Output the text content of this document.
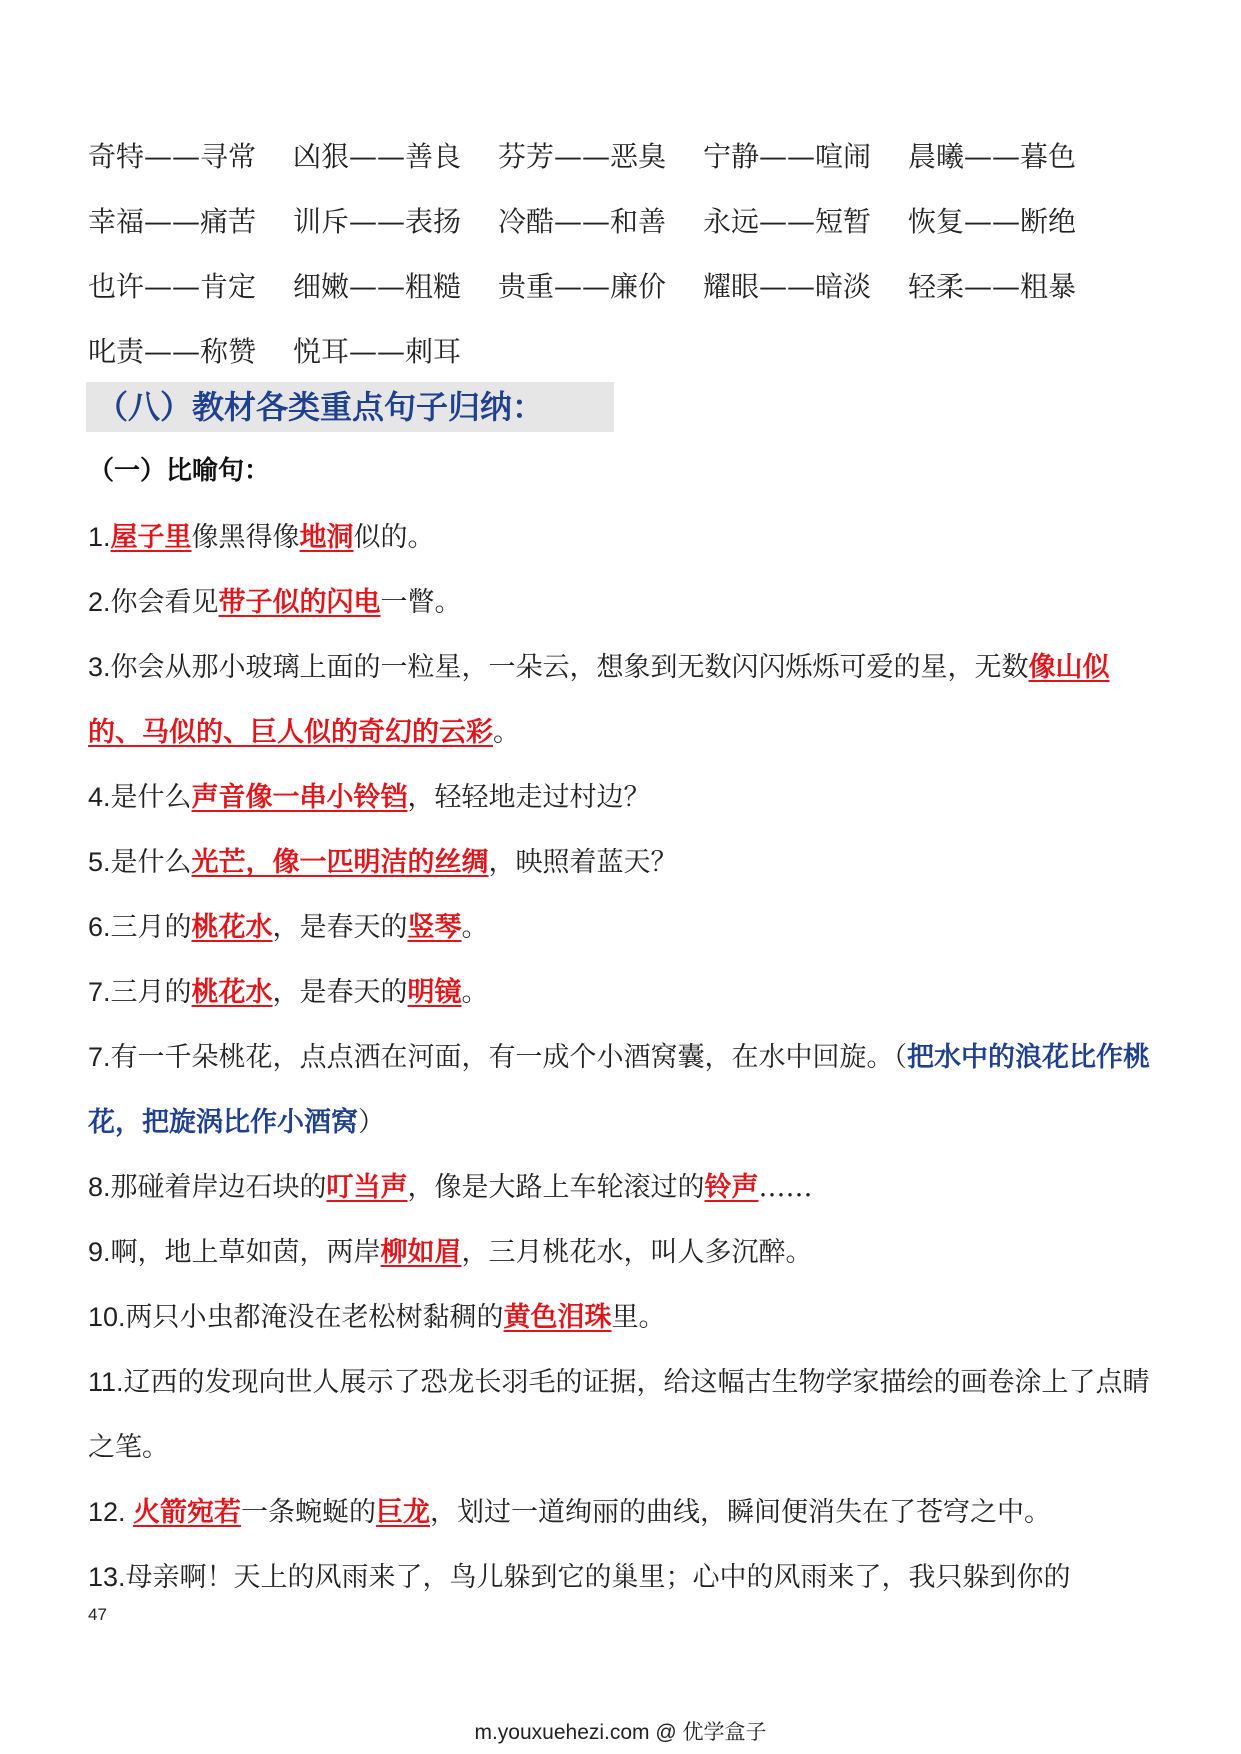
奇特——寻常	凶狠——善良	芬芳——恶臭	宁静——喧闹	晨曦——暮色
幸福——痛苦	训斥——表扬	冷酷——和善	永远——短暂	恢复——断绝
也许——肯定	细嫩——粗糙	贵重——廉价	耀眼——暗淡	轻柔——粗暴
叱责——称赞	悦耳——刺耳
（八）教材各类重点句子归纳：
（一）比喻句：

1.屋子里像黑得像地洞似的。

2.你会看见带子似的闪电一瞥。

3.你会从那小玻璃上面的一粒星，一朵云，想象到无数闪闪烁烁可爱的星，无数像山似的、马似的、巨人似的奇幻的云彩。

4.是什么声音像一串小铃铛，轻轻地走过村边？

5.是什么光芒，像一匹明洁的丝绸，映照着蓝天？

6.三月的桃花水，是春天的竖琴。

7.三月的桃花水，是春天的明镜。

7.有一千朵桃花，点点洒在河面，有一成个小酒窝囊，在水中回旋。（把水中的浪花比作桃花，把旋涡比作小酒窝）

8.那碰着岸边石块的叮当声，像是大路上车轮滚过的铃声……

9.啊，地上草如茵，两岸柳如眉，三月桃花水，叫人多沉醉。

10.两只小虫都淹没在老松树黏稠的黄色泪珠里。

11.辽西的发现向世人展示了恐龙长羽毛的证据，给这幅古生物学家描绘的画卷涂上了点睛之笔。

12. 火箭宛若一条蜿蜒的巨龙，划过一道绚丽的曲线，瞬间便消失在了苍穹之中。

13.母亲啊！天上的风雨来了，鸟儿躲到它的巢里；心中的风雨来了，我只躲到你的

47
m.youxuehezi.com @ 优学盒子
